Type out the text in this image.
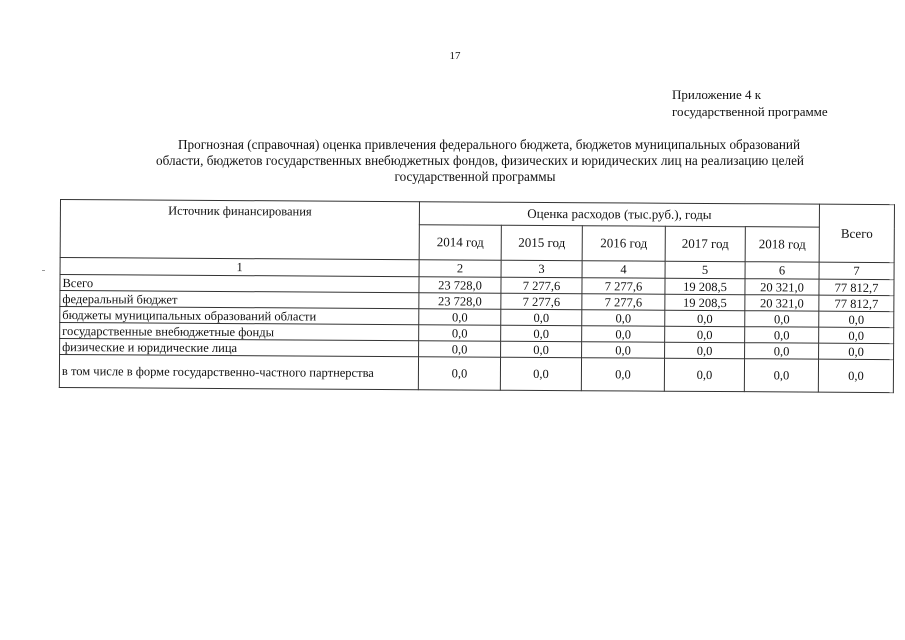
17
Приложение 4 к
государственной программе
Прогнозная (справочная) оценка привлечения федерального бюджета, бюджетов муниципальных образований
области, бюджетов государственных внебюджетных фондов, физических и юридических лиц на реализацию целей
государственной программы
Источник финансирования	Оценка расходов (тыс.руб.), годы					Всего
	2014 год	2015 год	2016 год	2017 год	2018 год	
1	2	3	4	5	6	7
Всего	23 728,0	7 277,6	7 277,6	19 208,5	20 321,0	77 812,7
федеральный бюджет	23 728,0	7 277,6	7 277,6	19 208,5	20 321,0	77 812,7
бюджеты муниципальных образований области	0,0	0,0	0,0	0,0	0,0	0,0
государственные внебюджетные фонды	0,0	0,0	0,0	0,0	0,0	0,0
физические и юридические лица	0,0	0,0	0,0	0,0	0,0	0,0
в том числе в форме государственно-частного партнерства	0,0	0,0	0,0	0,0	0,0	0,0
